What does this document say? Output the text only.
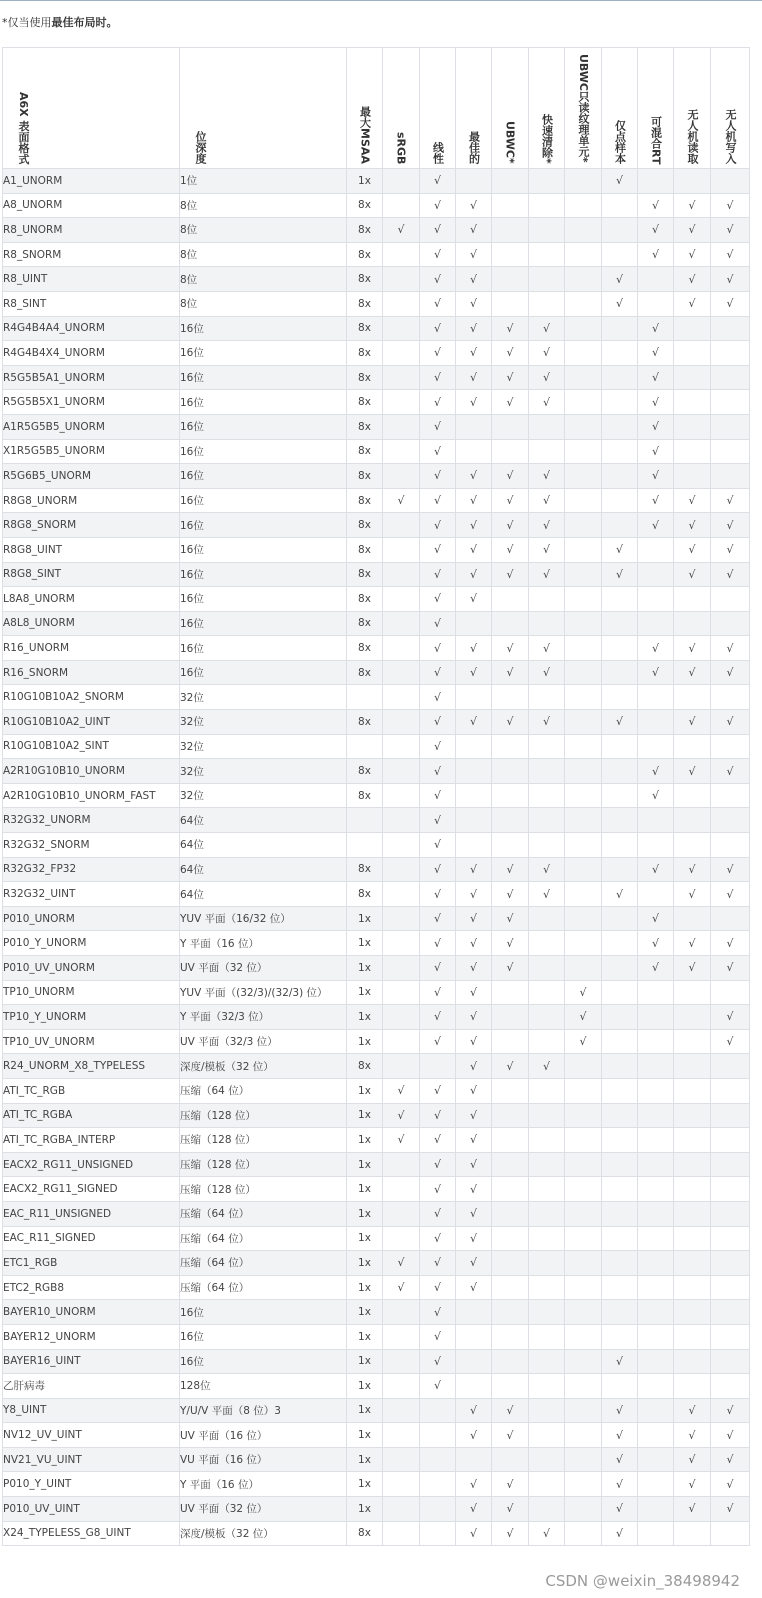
*仅当使用最佳布局时。
A6X 表面格式	位深度	最大MSAA	sRGB	线性	最佳的	UBWC*	快速清除*	UBWC只读纹理单元*	仅点样本	可混合RT	无人机读取	无人机写入

A1_UNORM	1位	1x		√					√			
A8_UNORM	8位	8x		√	√					√	√	√
R8_UNORM	8位	8x	√	√	√					√	√	√
R8_SNORM	8位	8x		√	√					√	√	√
R8_UINT	8位	8x		√	√				√		√	√
R8_SINT	8位	8x		√	√				√		√	√
R4G4B4A4_UNORM	16位	8x		√	√	√	√			√		
R4G4B4X4_UNORM	16位	8x		√	√	√	√			√		
R5G5B5A1_UNORM	16位	8x		√	√	√	√			√		
R5G5B5X1_UNORM	16位	8x		√	√	√	√			√		
A1R5G5B5_UNORM	16位	8x		√						√		
X1R5G5B5_UNORM	16位	8x		√						√		
R5G6B5_UNORM	16位	8x		√	√	√	√			√		
R8G8_UNORM	16位	8x	√	√	√	√	√			√	√	√
R8G8_SNORM	16位	8x		√	√	√	√			√	√	√
R8G8_UINT	16位	8x		√	√	√	√		√		√	√
R8G8_SINT	16位	8x		√	√	√	√		√		√	√
L8A8_UNORM	16位	8x		√	√							
A8L8_UNORM	16位	8x		√								
R16_UNORM	16位	8x		√	√	√	√			√	√	√
R16_SNORM	16位	8x		√	√	√	√			√	√	√
R10G10B10A2_SNORM	32位			√								
R10G10B10A2_UINT	32位	8x		√	√	√	√		√		√	√
R10G10B10A2_SINT	32位			√								
A2R10G10B10_UNORM	32位	8x		√						√	√	√
A2R10G10B10_UNORM_FAST	32位	8x		√						√		
R32G32_UNORM	64位			√								
R32G32_SNORM	64位			√								
R32G32_FP32	64位	8x		√	√	√	√			√	√	√
R32G32_UINT	64位	8x		√	√	√	√		√		√	√
P010_UNORM	YUV 平面（16/32 位）	1x		√	√	√				√		
P010_Y_UNORM	Y 平面（16 位）	1x		√	√	√				√	√	√
P010_UV_UNORM	UV 平面（32 位）	1x		√	√	√				√	√	√
TP10_UNORM	YUV 平面（(32/3)/(32/3) 位）	1x		√	√			√				
TP10_Y_UNORM	Y 平面（32/3 位）	1x		√	√			√				√
TP10_UV_UNORM	UV 平面（32/3 位）	1x		√	√			√				√
R24_UNORM_X8_TYPELESS	深度/模板（32 位）	8x			√	√	√					
ATI_TC_RGB	压缩（64 位）	1x	√	√	√							
ATI_TC_RGBA	压缩（128 位）	1x	√	√	√							
ATI_TC_RGBA_INTERP	压缩（128 位）	1x	√	√	√							
EACX2_RG11_UNSIGNED	压缩（128 位）	1x		√	√							
EACX2_RG11_SIGNED	压缩（128 位）	1x		√	√							
EAC_R11_UNSIGNED	压缩（64 位）	1x		√	√							
EAC_R11_SIGNED	压缩（64 位）	1x		√	√							
ETC1_RGB	压缩（64 位）	1x	√	√	√							
ETC2_RGB8	压缩（64 位）	1x	√	√	√							
BAYER10_UNORM	16位	1x		√								
BAYER12_UNORM	16位	1x		√								
BAYER16_UINT	16位	1x		√					√			
乙肝病毒	128位	1x		√								
Y8_UINT	Y/U/V 平面（8 位）3	1x			√	√			√		√	√
NV12_UV_UINT	UV 平面（16 位）	1x			√	√			√		√	√
NV21_VU_UINT	VU 平面（16 位）	1x							√		√	√
P010_Y_UINT	Y 平面（16 位）	1x			√	√			√		√	√
P010_UV_UINT	UV 平面（32 位）	1x			√	√			√		√	√
X24_TYPELESS_G8_UINT	深度/模板（32 位）	8x			√	√	√		√			
CSDN @weixin_38498942
